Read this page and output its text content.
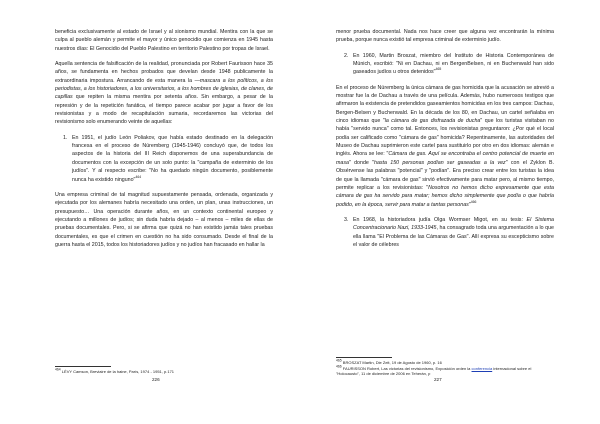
beneficia exclusivamente al estado de Israel y al sionismo mundial. Mentira con la que se culpa al pueblo alemán y permite el mayor y único genocidio que comienza en 1945 hasta nuestros días: El Genocidio del Pueblo Palestino en territorio Palestino por tropas de Israel.

Aquella sentencia de falsificación de la realidad, pronunciada por Robert Faurisson hace 35 años, se fundamenta en hechos probados que develan desde 1948 publicamente la extraordinaria impostura. Arrancando de esta manera la —mascara a los políticos, a los periodistas, a los historiadores, a los universitarios, a los hombres de iglesias, de clanes, de capillas que repiten la misma mentira por setenta años. Sin embargo, a pesar de la represión y de la repetición fanática, el tiempo parece acabar por jugar a favor de los revisionistas y a modo de recapitulación sumaria, recordaremos las victorias del revisionismo solo enumerando veinte de aquellas:

1. En 1951, el judío León Poliakov, que había estado destinado en la delegación francesa en el proceso de Núremberg (1945-1946) concluyó que, de todos los aspectos de la historia del III Reich disponemos de una superabundancia de documentos con la excepción de un solo punto: la "campaña de exterminio de los judíos". Y al respecto escribe: "No ha quedado ningún documento, posiblemente nunca ha existido ninguno"$^{464}$

Una empresa criminal de tal magnitud supuestamente pensada, ordenada, organizada y ejecutada por los alemanes habría necesitado una orden, un plan, unas instrucciones, un presupuesto… Una operación durante años, en un contexto continental europeo y ejecutando a millones de judíos; sin duda habría dejado – al menos – miles de ellas de pruebas documentales. Pero, si se afirma que quizá no han existido jamás tales pruebas documentales, es que el crimen en cuestión no ha sido consumado. Desde el final de la guerra hasta el 2015, todos los historiadores judíos y no judíos han fracasado en hallar la

$^{464}$ LÉVY Camson, Breviaire de la haine, París, 1974 - 1951, p.171
226

menor prueba documental. Nada nos hace creer que alguna vez encontrarán la mínima prueba, porque nunca existió tal empresa criminal de exterminio judío.

2. En 1960, Martin Broszat, miembro del Instituto de Historia Contemporánea de Múnich, escribió: "Ni en Dachau, ni en BergenBelsen, ni en Buchenwald han sido gaseados judíos u otros detenidos"$^{465}$

En el proceso de Núremberg la única cámara de gas homicida que la acusación se atrevió a mostrar fue la de Dachau a través de una película. Además, hubo numerosos testigos que afirmaron la existencia de pretendidos gaseamientos homicidas en los tres campos: Dachau, Bergen-Belsen y Buchenwald. En la década de los 80, en Dachau, un cartel señalaba en cinco idiomas que "la cámara de gas disfrazada de ducha" que los turistas visitaban no había "servido nunca" como tal. Entonces, los revisionistas preguntaron: ¿Por qué el local podía ser calificado como "cámara de gas" homicida? Repentinamente, las autoridades del Museo de Dachau suprimieron este cartel para sustituirlo por otro en dos idiomas: alemán e inglés. Ahora se lee: "Cámara de gas. Aquí se encontraba el centro potencial de muerte en masa" donde "hasta 150 personas podían ser gaseadas a la vez" con el Zyklon B. Obsérvense las palabras "potencial" y "podían". Era preciso crear entre los turistas la idea de que la llamada "cámara de gas" sirvió efectivamente para matar pero, al mismo tiempo, permite replicar a los revisionistas: "Nosotros no hemos dicho expresamente que esta cámara de gas ha servido para matar; hemos dicho simplemente que podía o que habría podido, en la época, servir para matar a tantas personas"$^{466}$

3. En 1968, la historiadora judía Olga Wormser Migot, en su tesis: El Sistema Concentracionario Nazi, 1933-1945, ha consagrado toda una argumentación a lo que ella llama "El Problema de las Cámaras de Gas". Allí expresa su escepticismo sobre el valor de célebres
$^{465}$ BROSZAT Martin, Die Zeit, 19 de Agosto de 1960, p. 16
$^{466}$ FAURISSON Robert, Las victorias del revisionismo, Exposición orden la conferencia internacional sobre el "Holocausto", 11 de diciembre de 2006 en Teherán, p
227
